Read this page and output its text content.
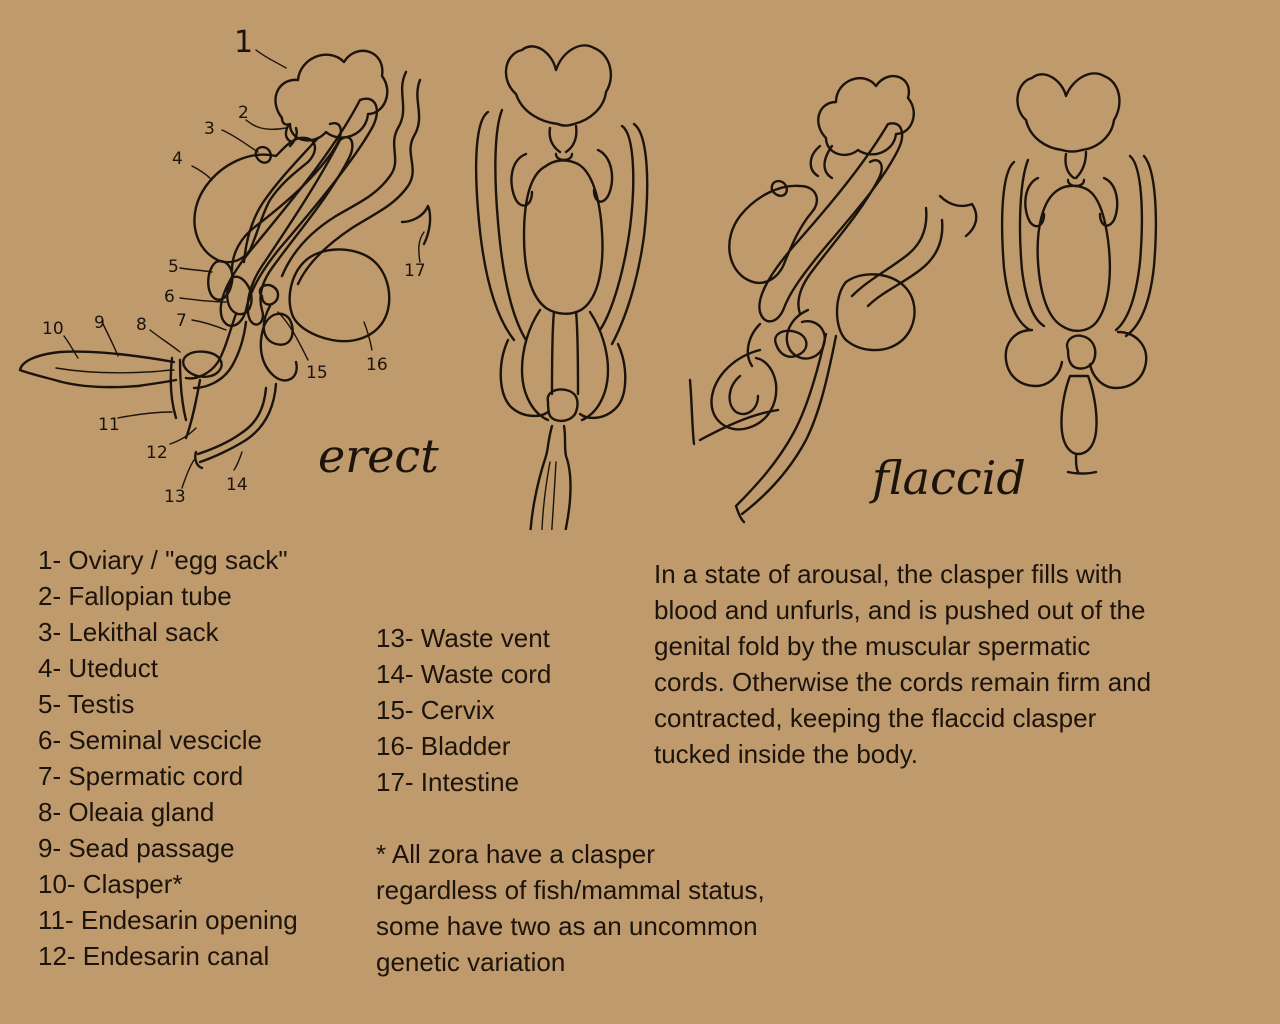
1
2
3
4
5
6
7
8
9
10
11
12
13
14
15 16
17
erect	flaccid
1- Oviary / "egg sack"
2- Fallopian tube
3- Lekithal sack
4- Uteduct
5- Testis
6- Seminal vescicle
7- Spermatic cord
8- Oleaia gland
9- Sead passage
10- Clasper*
11- Endesarin opening
12- Endesarin canal
13- Waste vent
14- Waste cord
15- Cervix
16- Bladder
17- Intestine

In a state of arousal, the clasper fills with
blood and unfurls, and is pushed out of the
genital fold by the muscular spermatic
cords. Otherwise the cords remain firm and
contracted, keeping the flaccid clasper
tucked inside the body.

* All zora have a clasper
regardless of fish/mammal status,
some have two as an uncommon
genetic variation
